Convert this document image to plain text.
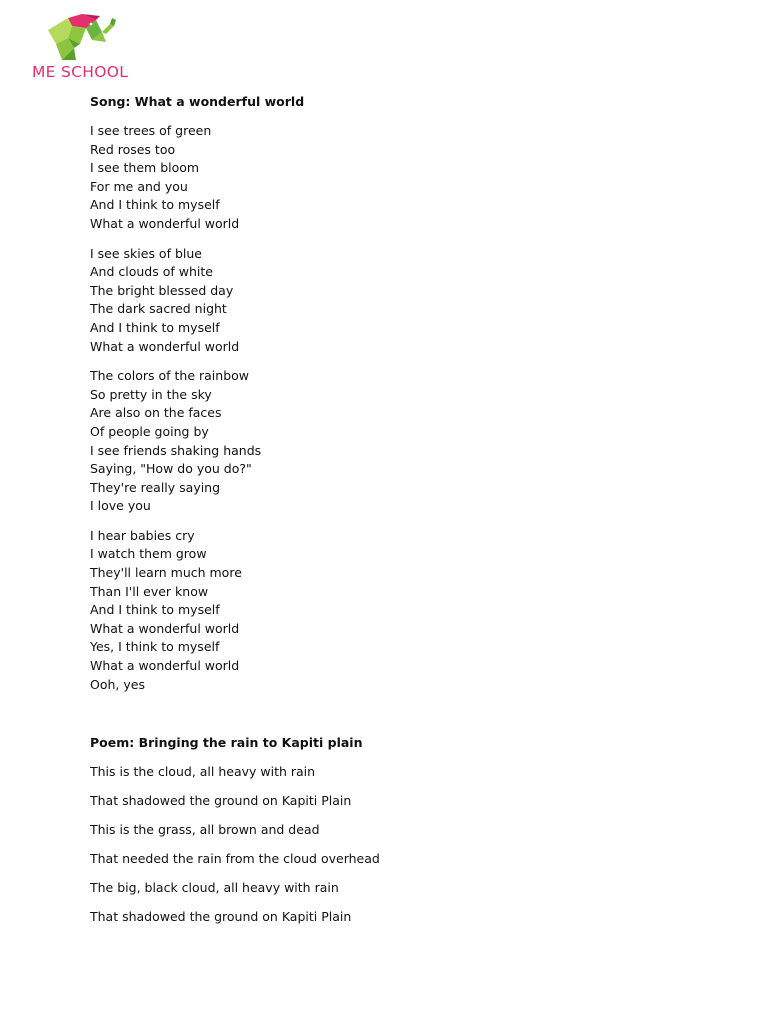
ME SCHOOL
Song: What a wonderful world
I see trees of green
Red roses too
I see them bloom
For me and you
And I think to myself
What a wonderful world
I see skies of blue
And clouds of white
The bright blessed day
The dark sacred night
And I think to myself
What a wonderful world
The colors of the rainbow
So pretty in the sky
Are also on the faces
Of people going by
I see friends shaking hands
Saying, "How do you do?"
They're really saying
I love you
I hear babies cry
I watch them grow
They'll learn much more
Than I'll ever know
And I think to myself
What a wonderful world
Yes, I think to myself
What a wonderful world
Ooh, yes
Poem: Bringing the rain to Kapiti plain
This is the cloud, all heavy with rain
That shadowed the ground on Kapiti Plain
This is the grass, all brown and dead
That needed the rain from the cloud overhead
The big, black cloud, all heavy with rain
That shadowed the ground on Kapiti Plain
